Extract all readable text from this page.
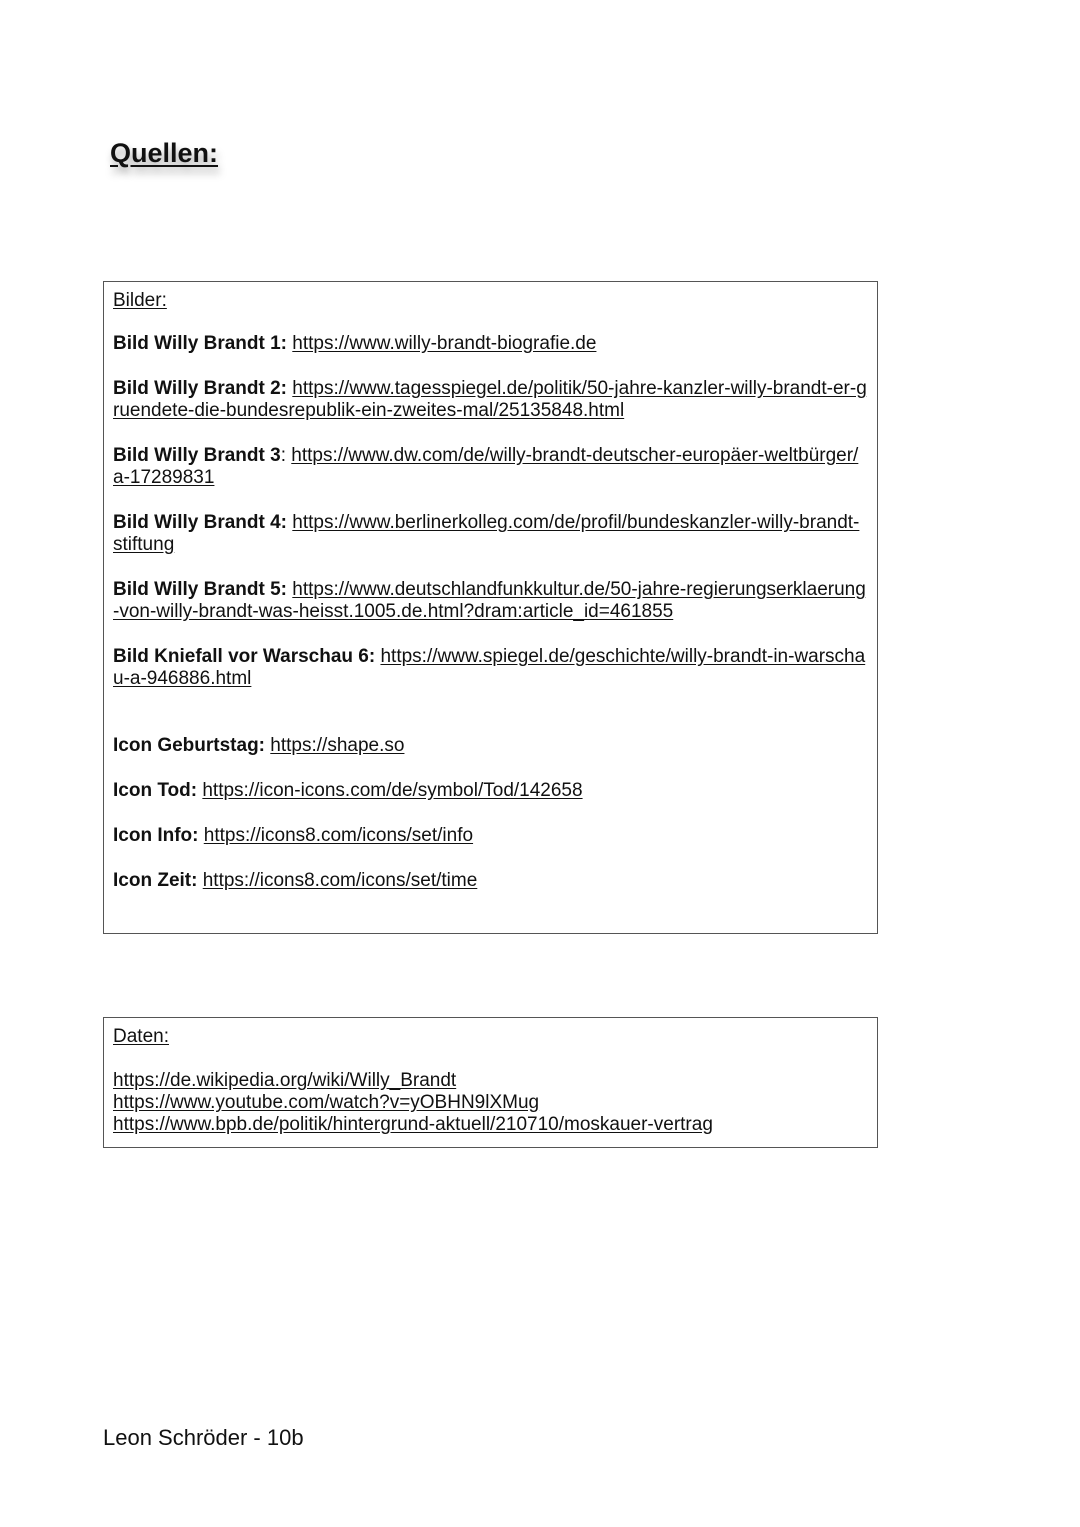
Quellen:

Bilder:

Bild Willy Brandt 1: https://www.willy-brandt-biografie.de

Bild Willy Brandt 2: https://www.tagesspiegel.de/politik/50-jahre-kanzler-willy-brandt-er-gruendete-die-bundesrepublik-ein-zweites-mal/25135848.html

Bild Willy Brandt 3: https://www.dw.com/de/willy-brandt-deutscher-europäer-weltbürger/a-17289831

Bild Willy Brandt 4: https://www.berlinerkolleg.com/de/profil/bundeskanzler-willy-brandt-stiftung

Bild Willy Brandt 5: https://www.deutschlandfunkkultur.de/50-jahre-regierungserklaerung-von-willy-brandt-was-heisst.1005.de.html?dram:article_id=461855

Bild Kniefall vor Warschau 6: https://www.spiegel.de/geschichte/willy-brandt-in-warschau-a-946886.html

Icon Geburtstag: https://shape.so

Icon Tod: https://icon-icons.com/de/symbol/Tod/142658

Icon Info: https://icons8.com/icons/set/info

Icon Zeit: https://icons8.com/icons/set/time

Daten:

https://de.wikipedia.org/wiki/Willy_Brandt
https://www.youtube.com/watch?v=yOBHN9lXMug
https://www.bpb.de/politik/hintergrund-aktuell/210710/moskauer-vertrag
Leon Schröder - 10b
